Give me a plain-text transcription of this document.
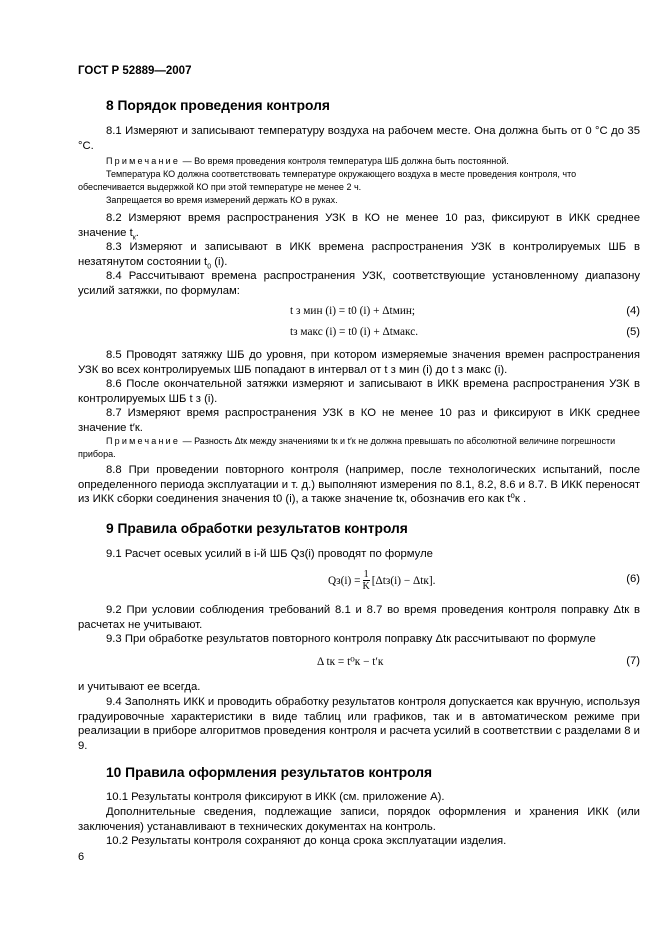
ГОСТ Р 52889—2007
8 Порядок проведения контроля

8.1 Измеряют и записывают температуру воздуха на рабочем месте. Она должна быть от 0 °С до 35 °С.

Примечание — Во время проведения контроля температура ШБ должна быть постоянной.

Температура КО должна соответствовать температуре окружающего воздуха в месте проведения контроля, что обеспечивается выдержкой КО при этой температуре не менее 2 ч.

Запрещается во время измерений держать КО в руках.

8.2 Измеряют время распространения УЗК в КО не менее 10 раз, фиксируют в ИКК среднее значение $t_к$.

8.3 Измеряют и записывают в ИКК времена распространения УЗК в контролируемых ШБ в незатянутом состоянии $t_0$ (i).

8.4 Рассчитывают времена распространения УЗК, соответствующие установленному диапазону усилий затяжки, по формулам:

t з мин (i) = t0 (i) + Δtмин;	(4)
tз макс (i) = t0 (i) + Δtмакс.	(5)

8.5 Проводят затяжку ШБ до уровня, при котором измеряемые значения времен распространения УЗК во всех контролируемых ШБ попадают в интервал от t з мин (i) до t з макс (i).

8.6 После окончательной затяжки измеряют и записывают в ИКК времена распространения УЗК в контролируемых ШБ t з (i).

8.7 Измеряют время распространения УЗК в КО не менее 10 раз и фиксируют в ИКК среднее значение t′к.

Примечание — Разность Δtк между значениями tк и t′к не должна превышать по абсолютной величине погрешности прибора.

8.8 При проведении повторного контроля (например, после технологических испытаний, после определенного периода эксплуатации и т. д.) выполняют измерения по 8.1, 8.2, 8.6 и 8.7. В ИКК переносят из ИКК сборки соединения значения t0 (i), а также значение tк, обозначив его как t⁰к .

9 Правила обработки результатов контроля

9.1 Расчет осевых усилий в i-й ШБ Qз(i) проводят по формуле

$Qз(i) = \frac{1}{K} [\Delta tз(i) - \Delta tк]$.	(6)

9.2 При условии соблюдения требований 8.1 и 8.7 во время проведения контроля поправку Δtк в расчетах не учитывают.

9.3 При обработке результатов повторного контроля поправку Δtк рассчитывают по формуле

Δ tк = t⁰к − t′к	(7)

и учитывают ее всегда.

9.4 Заполнять ИКК и проводить обработку результатов контроля допускается как вручную, используя градуировочные характеристики в виде таблиц или графиков, так и в автоматическом режиме при реализации в приборе алгоритмов проведения контроля и расчета усилий в соответствии с разделами 8 и 9.

10 Правила оформления результатов контроля

10.1 Результаты контроля фиксируют в ИКК (см. приложение А).

Дополнительные сведения, подлежащие записи, порядок оформления и хранения ИКК (или заключения) устанавливают в технических документах на контроль.

10.2 Результаты контроля сохраняют до конца срока эксплуатации изделия.

6
